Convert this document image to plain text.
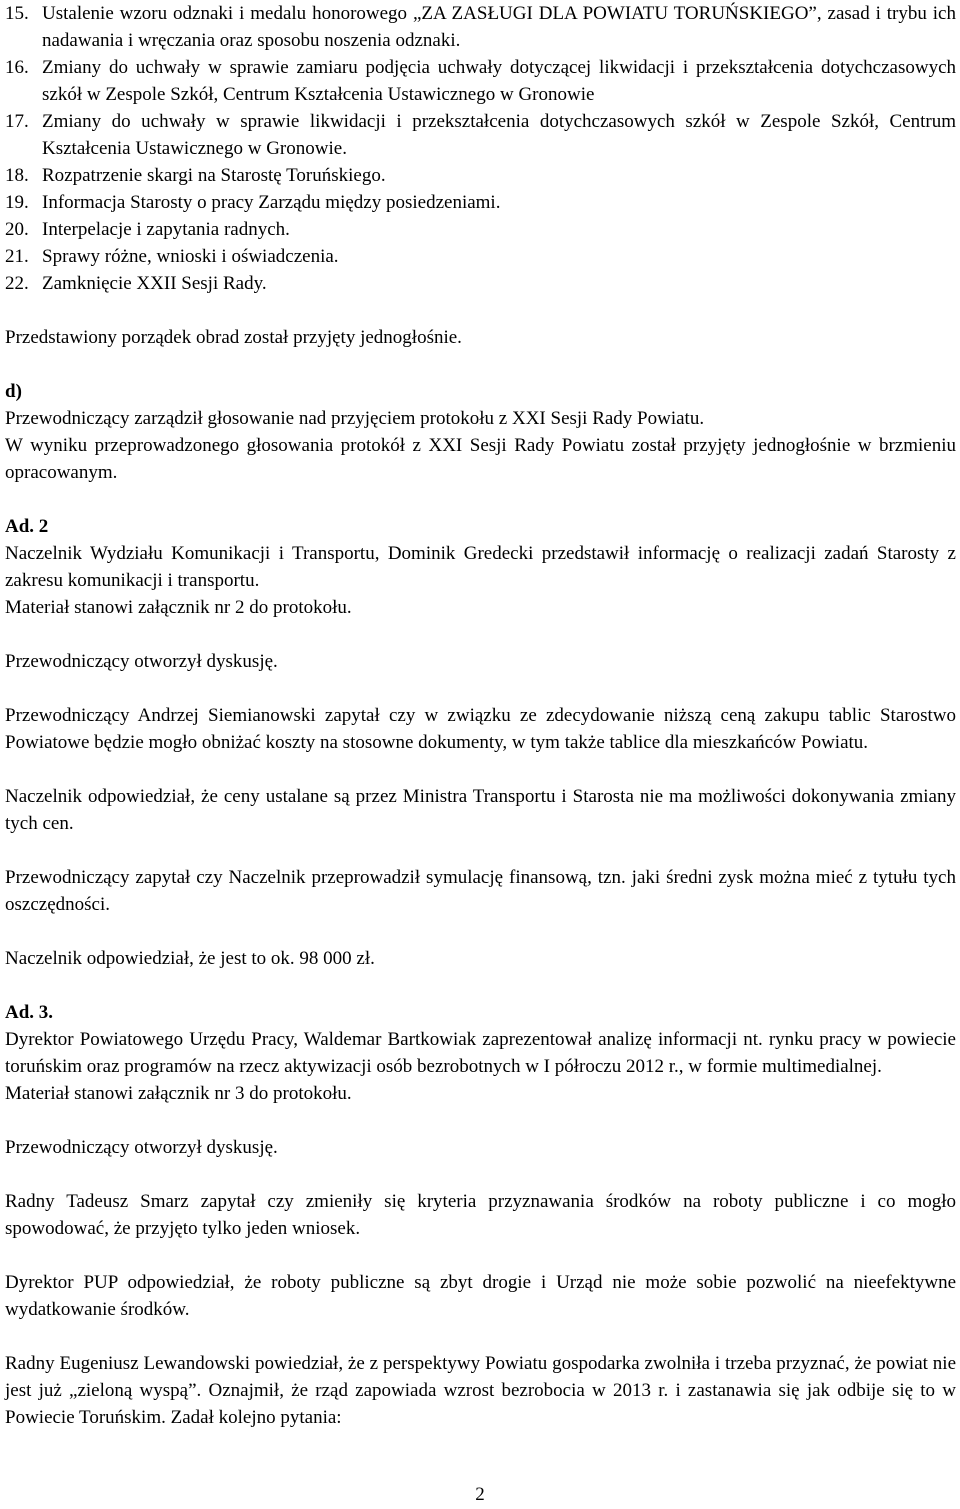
15. Ustalenie wzoru odznaki i medalu honorowego „ZA ZASŁUGI DLA POWIATU TORUŃSKIEGO”, zasad i trybu ich nadawania i wręczania oraz sposobu noszenia odznaki.
16. Zmiany do uchwały w sprawie zamiaru podjęcia uchwały dotyczącej likwidacji i przekształcenia dotychczasowych szkół w Zespole Szkół, Centrum Kształcenia Ustawicznego w Gronowie
17. Zmiany do uchwały w sprawie likwidacji i przekształcenia dotychczasowych szkół w Zespole Szkół, Centrum Kształcenia Ustawicznego w Gronowie.
18. Rozpatrzenie skargi na Starostę Toruńskiego.
19. Informacja Starosty o pracy Zarządu między posiedzeniami.
20. Interpelacje i zapytania radnych.
21. Sprawy różne, wnioski i oświadczenia.
22. Zamknięcie XXII Sesji Rady.

Przedstawiony porządek obrad został przyjęty jednogłośnie.

d)

Przewodniczący zarządził głosowanie nad przyjęciem protokołu z XXI Sesji Rady Powiatu.

W wyniku przeprowadzonego głosowania protokół z XXI Sesji Rady Powiatu został przyjęty jednogłośnie w brzmieniu opracowanym.

Ad. 2

Naczelnik Wydziału Komunikacji i Transportu, Dominik Gredecki przedstawił informację o realizacji zadań Starosty z zakresu komunikacji i transportu.

Materiał stanowi załącznik nr 2 do protokołu.

Przewodniczący otworzył dyskusję.

Przewodniczący Andrzej Siemianowski zapytał czy w związku ze zdecydowanie niższą ceną zakupu tablic Starostwo Powiatowe będzie mogło obniżać koszty na stosowne dokumenty, w tym także tablice dla mieszkańców Powiatu.

Naczelnik odpowiedział, że ceny ustalane są przez Ministra Transportu i Starosta nie ma możliwości dokonywania zmiany tych cen.

Przewodniczący zapytał czy Naczelnik przeprowadził symulację finansową, tzn. jaki średni zysk można mieć z tytułu tych oszczędności.

Naczelnik odpowiedział, że jest to ok. 98 000 zł.

Ad. 3.

Dyrektor Powiatowego Urzędu Pracy, Waldemar Bartkowiak zaprezentował analizę informacji nt. rynku pracy w powiecie toruńskim oraz programów na rzecz aktywizacji osób bezrobotnych w I półroczu 2012 r., w formie multimedialnej.

Materiał stanowi załącznik nr 3 do protokołu.

Przewodniczący otworzył dyskusję.

Radny Tadeusz Smarz zapytał czy zmieniły się kryteria przyznawania środków na roboty publiczne i co mogło spowodować, że przyjęto tylko jeden wniosek.

Dyrektor PUP odpowiedział, że roboty publiczne są zbyt drogie i Urząd nie może sobie pozwolić na nieefektywne wydatkowanie środków.

Radny Eugeniusz Lewandowski powiedział, że z perspektywy Powiatu gospodarka zwolniła i trzeba przyznać, że powiat nie jest już „zieloną wyspą”. Oznajmił, że rząd zapowiada wzrost bezrobocia w 2013 r. i zastanawia się jak odbije się to w Powiecie Toruńskim. Zadał kolejno pytania:

2
